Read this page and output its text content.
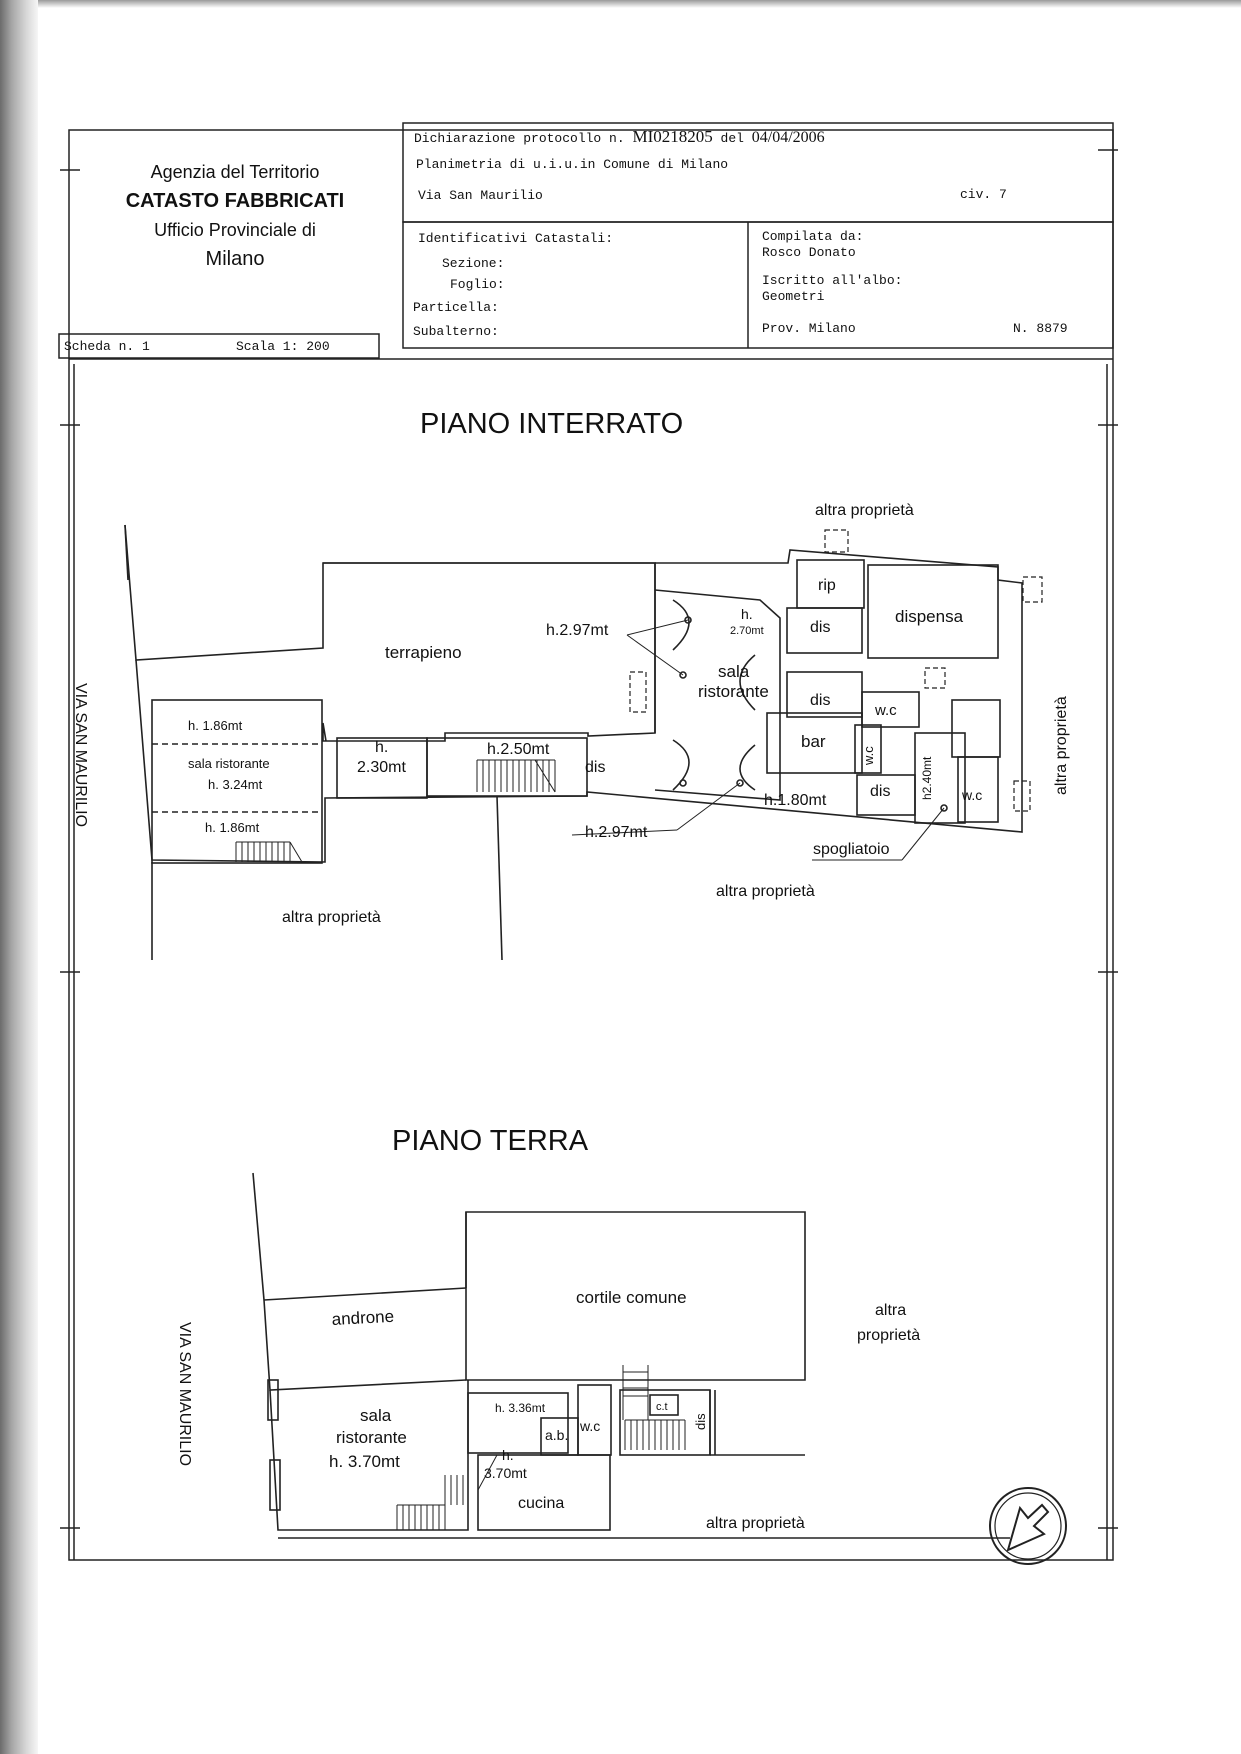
Agenzia del Territorio
CATASTO FABBRICATI
Ufficio Provinciale di
Milano
Dichiarazione protocollo n. MI0218205 del 04/04/2006
Planimetria di u.i.u.in Comune di Milano
Via San Maurilio	civ. 7
Identificativi Catastali:
Sezione:
Foglio:
Particella:
Subalterno:
Compilata da:
Rosco Donato
Iscritto all'albo:
Geometri
Prov. Milano	N. 8879
Scheda n. 1	Scala 1: 200
PIANO INTERRATO
altra proprietà
terrapieno
h. 1.86mt
sala ristorante
h. 3.24mt
h. 1.86mt
h.
2.30mt
h.2.50mt
dis
h.2.97mt
h.2.97mt
h.
2.70mt
sala
ristorante
rip
dis
dispensa
dis
w.c
bar
w.c
h2.40mt
h.1.80mt
dis	w.c
spogliatoio
altra proprietà
altra proprietà
altra proprietà
VIA SAN MAURILIO
PIANO TERRA
androne
cortile comune
altra
proprietà
sala
ristorante
h. 3.70mt
h. 3.36mt
h.
3.70mt
a.b.
w.c
c.t
dis
cucina
altra proprietà
VIA SAN MAURILIO
